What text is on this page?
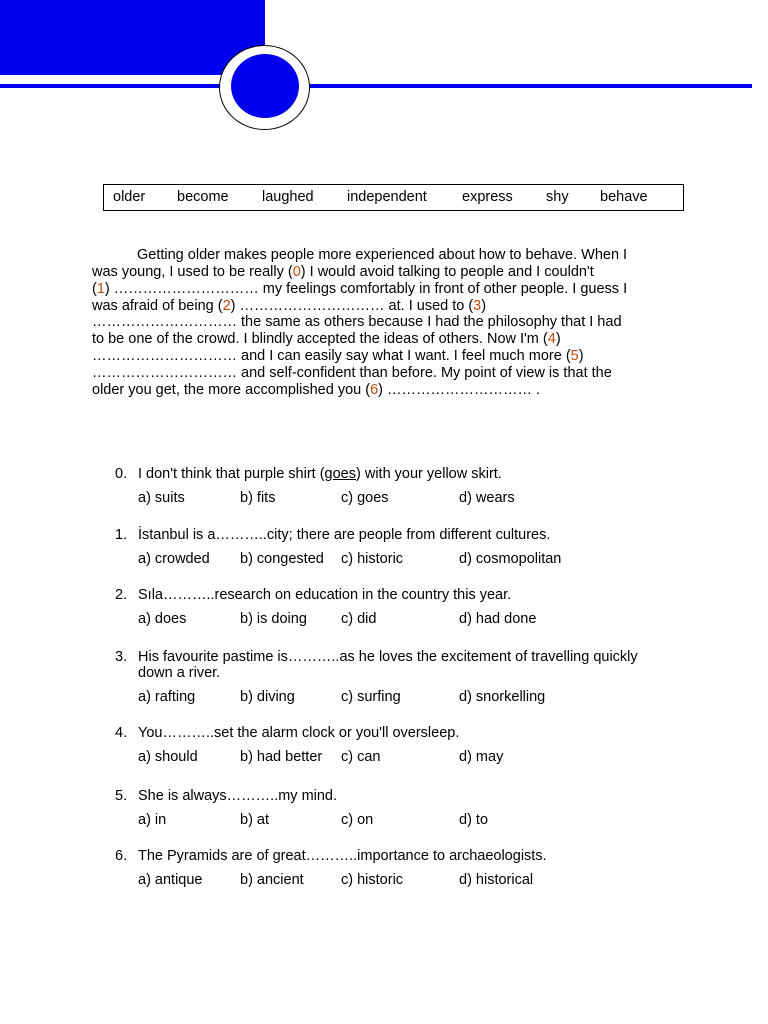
older become laughed independent express shy behave
Getting older makes people more experienced about how to behave. When I
was young, I used to be really (0) I would avoid talking to people and I couldn't
(1) ………………………… my feelings comfortably in front of other people. I guess I
was afraid of being (2) ………………………… at. I used to (3)
………………………… the same as others because I had the philosophy that I had
to be one of the crowd. I blindly accepted the ideas of others. Now I'm (4)
………………………… and I can easily say what I want. I feel much more (5)
………………………… and self-confident than before. My point of view is that the
older you get, the more accomplished you (6) ………………………… .
0. I don't think that purple shirt (goes) with your yellow skirt.
a) suits	b) fits	c) goes	d) wears
1. İstanbul is a………..city; there are people from different cultures.
a) crowded b) congested c) historic	d) cosmopolitan
2. Sıla………..research on education in the country this year.
a) does	b) is doing c) did	d) had done
3. His favourite pastime is………..as he loves the excitement of travelling quickly
down a river.
a) rafting	b) diving	c) surfing	d) snorkelling
4. You………..set the alarm clock or you'll oversleep.
a) should	b) had better c) can	d) may
5. She is always………..my mind.
a) in	b) at	c) on	d) to
6. The Pyramids are of great………..importance to archaeologists.
a) antique	b) ancient	c) historic	d) historical
